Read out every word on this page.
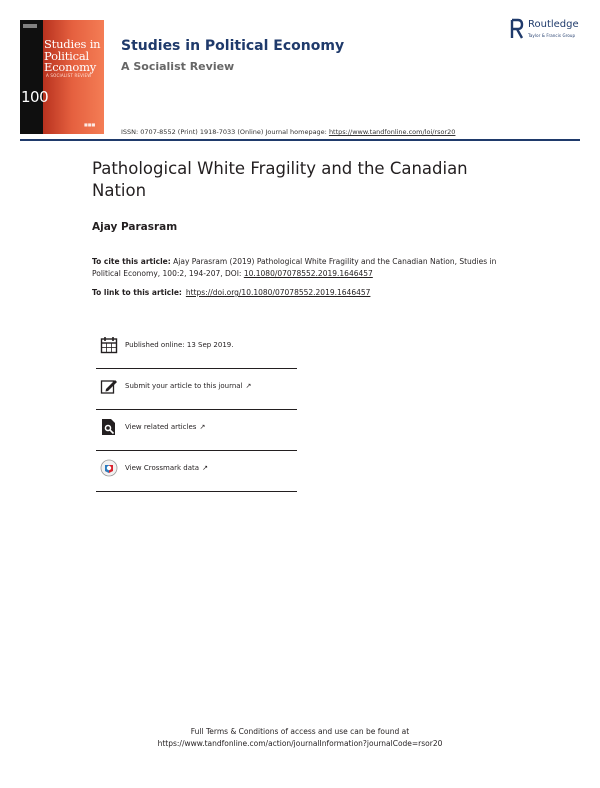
Studies in Political Economy
A SOCIALIST REVIEW
100
■■■
Studies in Political Economy
A Socialist Review
Routledge
Taylor & Francis Group
ISSN: 0707-8552 (Print) 1918-7033 (Online) Journal homepage: https://www.tandfonline.com/loi/rsor20
Pathological White Fragility and the Canadian Nation
Ajay Parasram
To cite this article: Ajay Parasram (2019) Pathological White Fragility and the Canadian Nation, Studies in Political Economy, 100:2, 194-207, DOI: 10.1080/07078552.2019.1646457
To link to this article: https://doi.org/10.1080/07078552.2019.1646457
Published online: 13 Sep 2019.
Submit your article to this journal ↗
View related articles ↗
View Crossmark data ↗
Full Terms & Conditions of access and use can be found at
https://www.tandfonline.com/action/journalInformation?journalCode=rsor20
